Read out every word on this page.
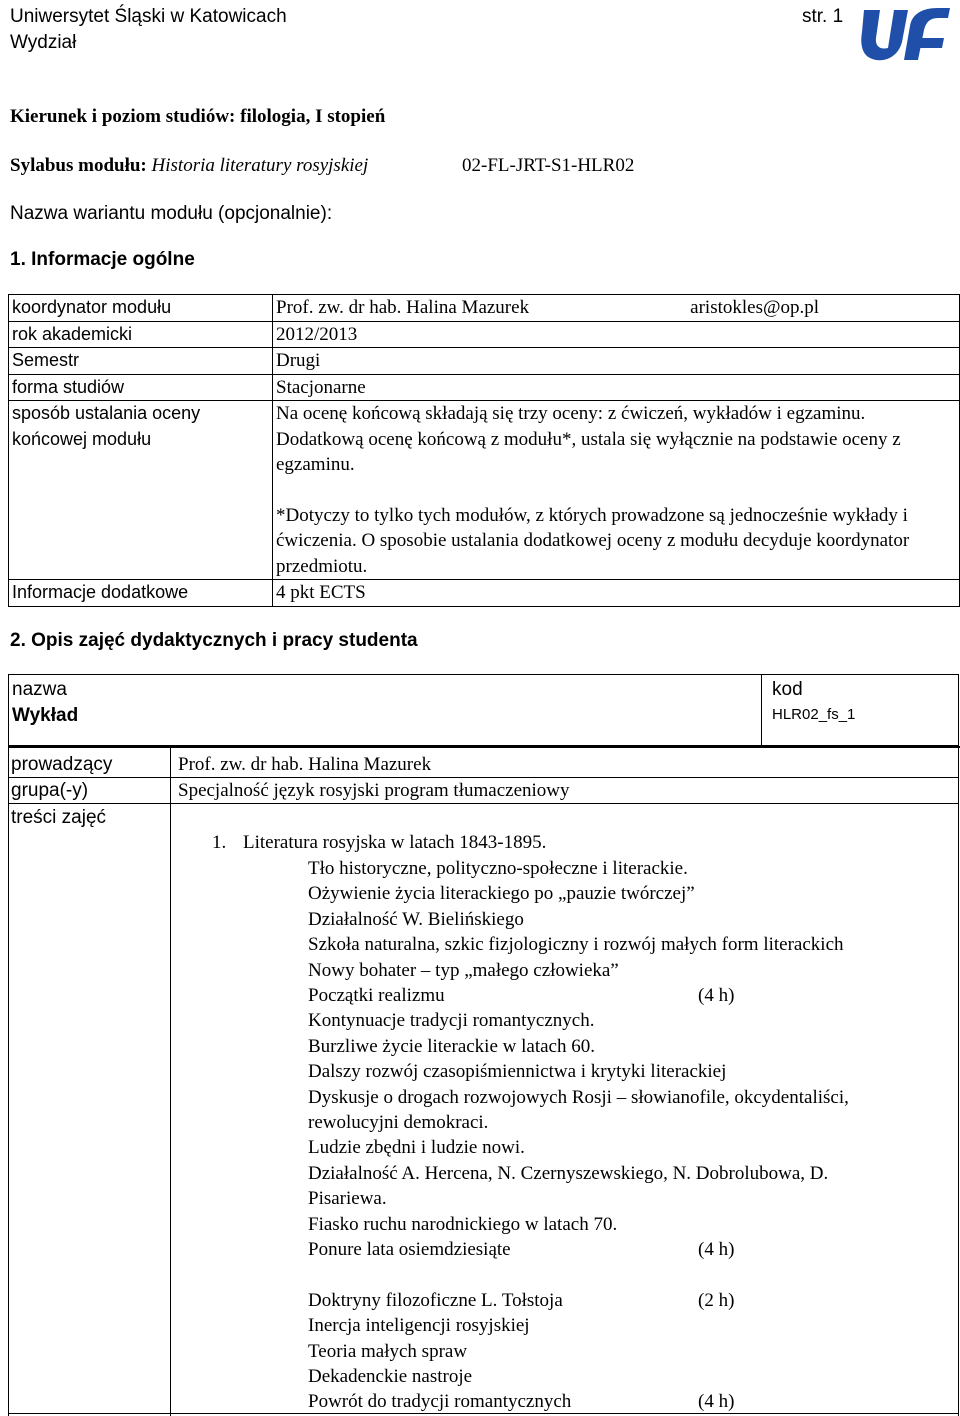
Uniwersytet Śląski w Katowicach
Wydział
str. 1
Kierunek i poziom studiów: filologia, I stopień
Sylabus modułu: Historia literatury rosyjskiej	02-FL-JRT-S1-HLR02
Nazwa wariantu modułu (opcjonalnie):
1. Informacje ogólne
koordynator modułu	Prof. zw. dr hab. Halina Mazurek aristokles@op.pl

rok akademicki	2012/2013
Semestr	Drugi
forma studiów	Stacjonarne
sposób ustalania oceny końcowej modułu	Na ocenę końcową składają się trzy oceny: z ćwiczeń, wykładów i egzaminu. Dodatkową ocenę końcową z modułu*, ustala się wyłącznie na podstawie oceny z egzaminu.
*Dotyczy to tylko tych modułów, z których prowadzone są jednocześnie wykłady i ćwiczenia. O sposobie ustalania dodatkowej oceny z modułu decyduje koordynator przedmiotu.

Informacje dodatkowe	4 pkt ECTS
2. Opis zajęć dydaktycznych i pracy studenta
nazwa
Wykład
kod
HLR02_fs_1
prowadzący	Prof. zw. dr hab. Halina Mazurek
grupa(-y)	Specjalność język rosyjski program tłumaczeniowy
treści zajęć
1. Literatura rosyjska w latach 1843-1895.
Tło historyczne, polityczno-społeczne i literackie.
Ożywienie życia literackiego po „pauzie twórczej”
Działalność W. Bielińskiego
Szkoła naturalna, szkic fizjologiczny i rozwój małych form literackich
Nowy bohater – typ „małego człowieka”
Początki realizmu	(4 h)
Kontynuacje tradycji romantycznych.
Burzliwe życie literackie w latach 60.
Dalszy rozwój czasopiśmiennictwa i krytyki literackiej
Dyskusje o drogach rozwojowych Rosji – słowianofile, okcydentaliści,
rewolucyjni demokraci.
Ludzie zbędni i ludzie nowi.
Działalność A. Hercena, N. Czernyszewskiego, N. Dobrolubowa, D.
Pisariewa.
Fiasko ruchu narodnickiego w latach 70.
Ponure lata osiemdziesiąte	(4 h)
Doktryny filozoficzne L. Tołstoja	(2 h)
Inercja inteligencji rosyjskiej
Teoria małych spraw
Dekadenckie nastroje
Powrót do tradycji romantycznych	(4 h)
